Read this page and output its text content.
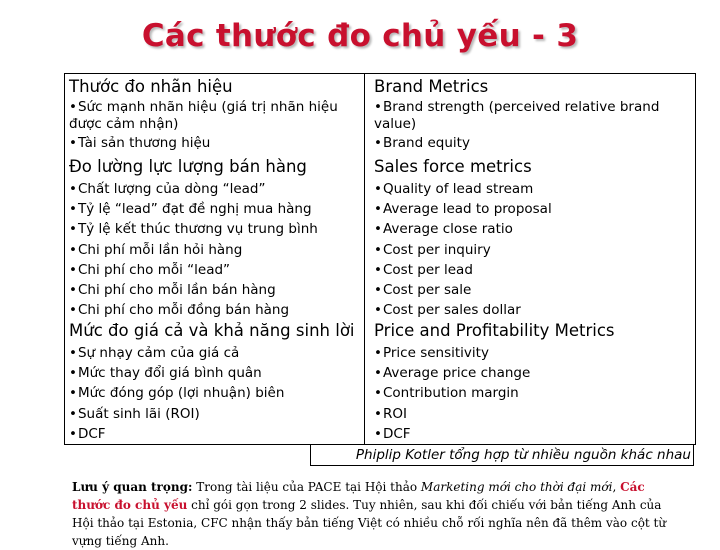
Các thước đo chủ yếu - 3
Thước đo nhãn hiệu
•Sức mạnh nhãn hiệu (giá trị nhãn hiệu được cảm nhận)
•Tài sản thương hiệu
Đo lường lực lượng bán hàng
•Chất lượng của dòng “lead”
•Tỷ lệ “lead” đạt đề nghị mua hàng
•Tỷ lệ kết thúc thương vụ trung bình
•Chi phí mỗi lần hỏi hàng
•Chi phí cho mỗi “lead”
•Chi phí cho mỗi lần bán hàng
•Chi phí cho mỗi đồng bán hàng
Mức đo giá cả và khả năng sinh lời
•Sự nhạy cảm của giá cả
•Mức thay đổi giá bình quân
•Mức đóng góp (lợi nhuận) biên
•Suất sinh lãi (ROI)
•DCF
Brand Metrics
•Brand strength (perceived relative brand value)
•Brand equity
Sales force metrics
•Quality of lead stream
•Average lead to proposal
•Average close ratio
•Cost per inquiry
•Cost per lead
•Cost per sale
•Cost per sales dollar
Price and Profitability Metrics
•Price sensitivity
•Average price change
•Contribution margin
•ROI
•DCF
Phiplip Kotler tổng hợp từ nhiều nguồn khác nhau
Lưu ý quan trọng: Trong tài liệu của PACE tại Hội thảo Marketing mới cho thời đại mới, Các thước đo chủ yếu chỉ gói gọn trong 2 slides. Tuy nhiên, sau khi đối chiếu với bản tiếng Anh của Hội thảo tại Estonia, CFC nhận thấy bản tiếng Việt có nhiều chỗ rối nghĩa nên đã thêm vào cột từ vựng tiếng Anh.
